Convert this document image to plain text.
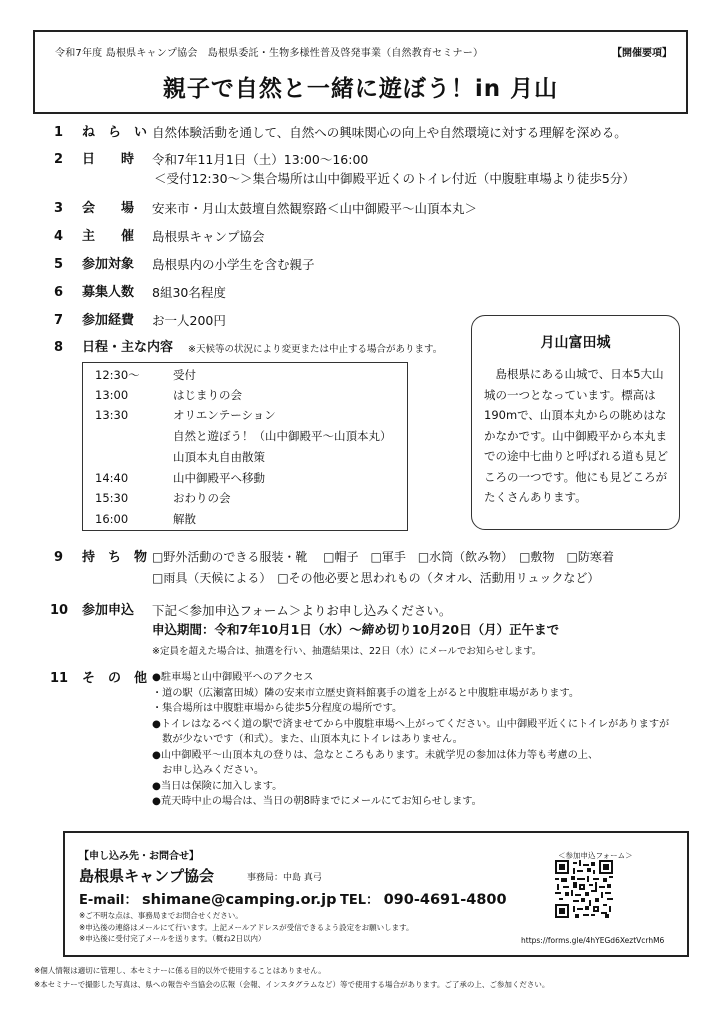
令和7年度 島根県キャンプ協会　島根県委託・生物多様性普及啓発事業（自然教育セミナー）	【開催要項】
親子で自然と一緒に遊ぼう！in 月山
1	ね　ら　い 自然体験活動を通して、自然への興味関心の向上や自然環境に対する理解を深める。
2	日　　時 令和7年11月1日（土）13:00〜16:00
＜受付12:30〜＞集合場所は山中御殿平近くのトイレ付近（中腹駐車場より徒歩5分）
3	会　　場 安来市・月山太鼓壇自然観察路＜山中御殿平〜山頂本丸＞
4	主　　催 島根県キャンプ協会
5	参加対象 島根県内の小学生を含む親子
6	募集人数 8組30名程度
7	参加経費 お一人200円
8	日程・主な内容 ※天候等の状況により変更または中止する場合があります。
12:30〜	受付
13:00	はじまりの会
13:30	オリエンテーション
自然と遊ぼう！（山中御殿平〜山頂本丸）
山頂本丸自由散策
14:40	山中御殿平へ移動
15:30	おわりの会
16:00	解散
月山富田城
　島根県にある山城で、日本5大山城の一つとなっています。標高は190mで、山頂本丸からの眺めはなかなかです。山中御殿平から本丸までの途中七曲りと呼ばれる道も見どころの一つです。他にも見どころがたくさんあります。
9	持　ち　物 □野外活動のできる服装・靴　 □帽子　□軍手　□水筒（飲み物）　□敷物　□防寒着
□雨具（天候による）　□その他必要と思われもの（タオル、活動用リュックなど）
10 参加申込 下記＜参加申込フォーム＞よりお申し込みください。
申込期間：令和7年10月1日（水）〜締め切り10月20日（月）正午まで
※定員を超えた場合は、抽選を行い、抽選結果は、22日（水）にメールでお知らせします。
11 そ　の　他 ●駐車場と山中御殿平へのアクセス
・道の駅（広瀬富田城）隣の安来市立歴史資料館裏手の道を上がると中腹駐車場があります。
・集合場所は中腹駐車場から徒歩5分程度の場所です。
●トイレはなるべく道の駅で済ませてから中腹駐車場へ上がってください。山中御殿平近くにトイレがありますが
　数が少ないです（和式）。また、山頂本丸にトイレはありません。
●山中御殿平〜山頂本丸の登りは、急なところもあります。未就学児の参加は体力等も考慮の上、
　お申し込みください。
●当日は保険に加入します。
●荒天時中止の場合は、当日の朝8時までにメールにてお知らせします。
【申し込み先・お問合せ】
島根県キャンプ協会	事務局：中島 真弓
E-mail： shimane@camping.or.jp TEL： 090-4691-4800
※ご不明な点は、事務局までお問合せください。
※申込後の連絡はメールにて行います。上記メールアドレスが受信できるよう設定をお願いします。
※申込後に受付完了メールを送ります。（概ね2日以内）
＜参加申込フォーム＞
https://forms.gle/4hYEGd6XeztVcrhM6
※個人情報は適切に管理し、本セミナーに係る目的以外で使用することはありません。
※本セミナーで撮影した写真は、県への報告や当協会の広報（会報、インスタグラムなど）等で使用する場合があります。ご了承の上、ご参加ください。
